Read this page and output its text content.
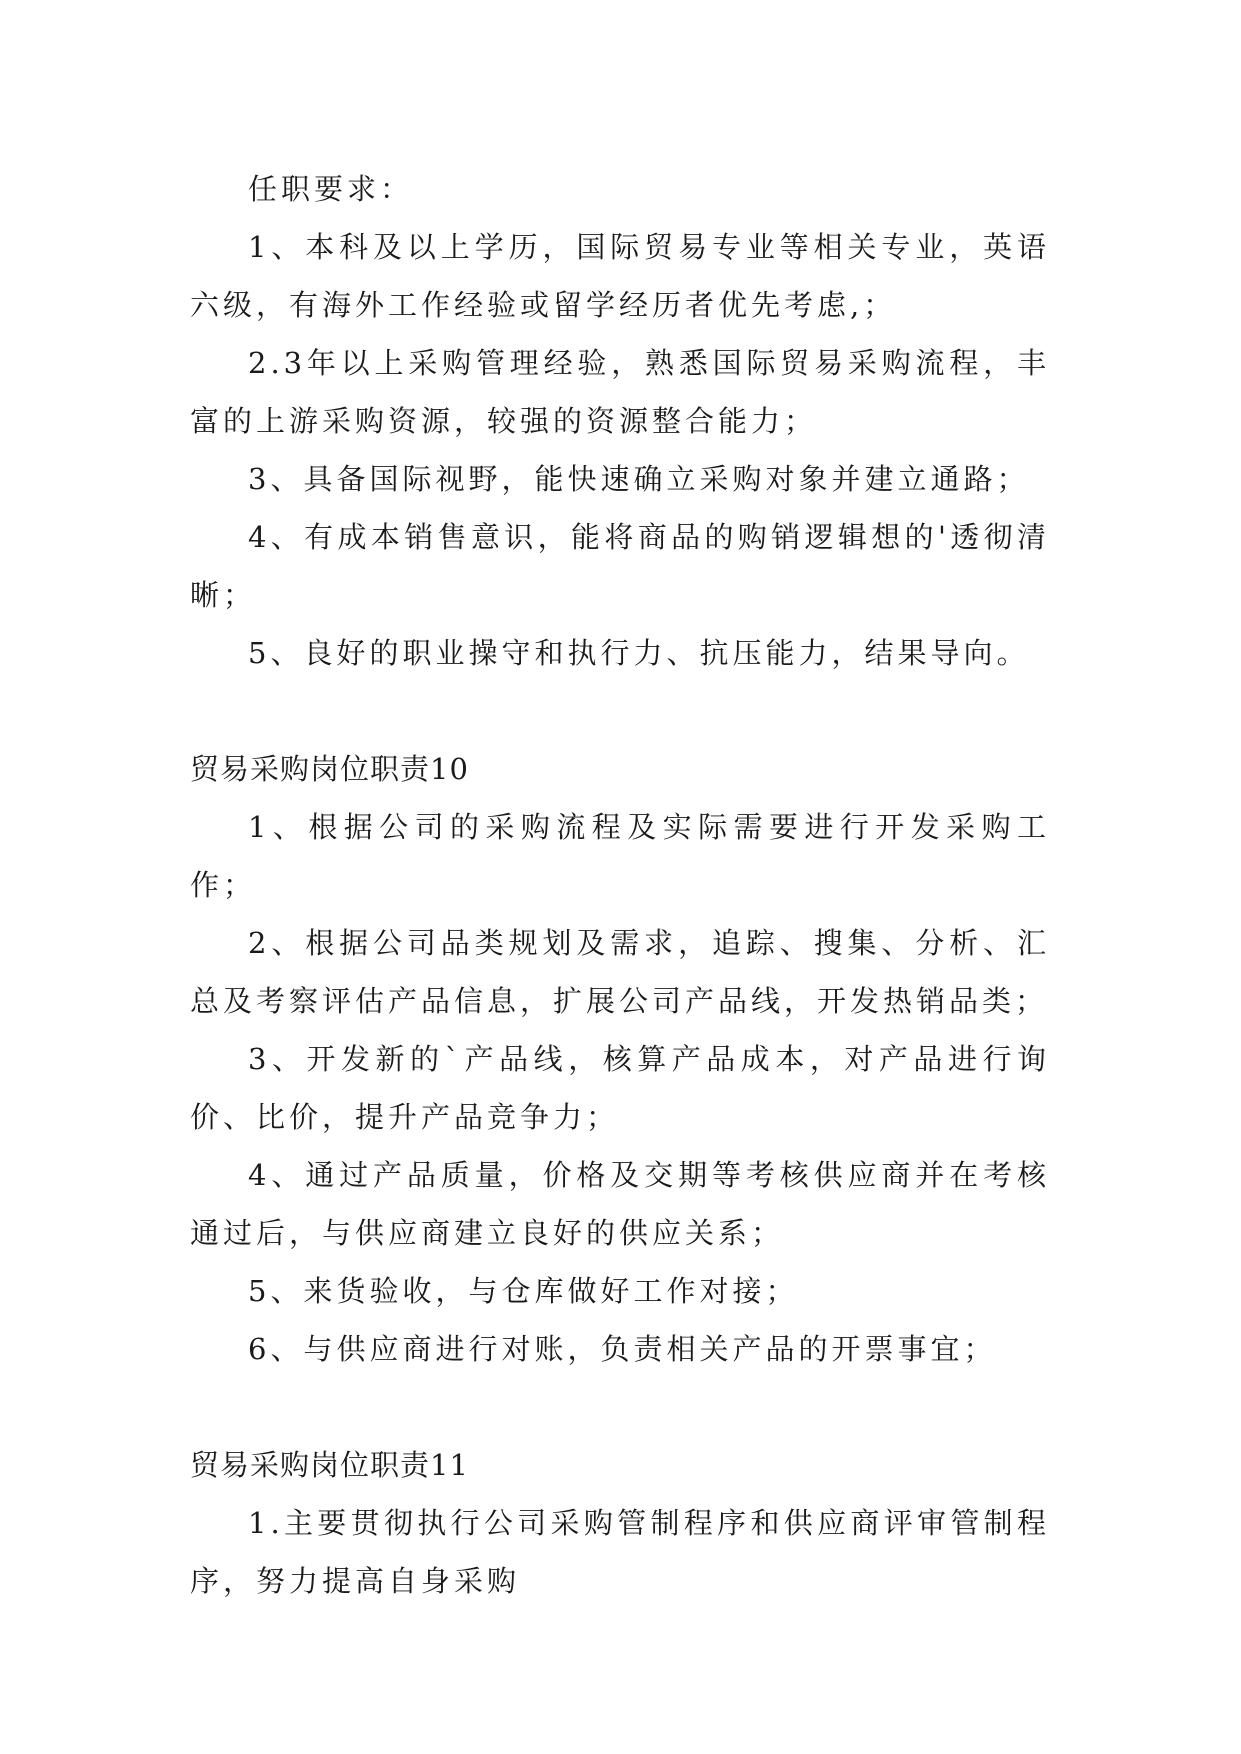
任职要求：

1、本科及以上学历，国际贸易专业等相关专业，英语六级，有海外工作经验或留学经历者优先考虑,；

2.3年以上采购管理经验，熟悉国际贸易采购流程，丰富的上游采购资源，较强的资源整合能力；

3、具备国际视野，能快速确立采购对象并建立通路；

4、有成本销售意识，能将商品的购销逻辑想的'透彻清晰；

5、良好的职业操守和执行力、抗压能力，结果导向。

贸易采购岗位职责10

1、根据公司的采购流程及实际需要进行开发采购工作；

2、根据公司品类规划及需求，追踪、搜集、分析、汇总及考察评估产品信息，扩展公司产品线，开发热销品类；

3、开发新的`产品线，核算产品成本，对产品进行询价、比价，提升产品竞争力；

4、通过产品质量，价格及交期等考核供应商并在考核通过后，与供应商建立良好的供应关系；

5、来货验收，与仓库做好工作对接；

6、与供应商进行对账，负责相关产品的开票事宜；

贸易采购岗位职责11

1.主要贯彻执行公司采购管制程序和供应商评审管制程序，努力提高自身采购
